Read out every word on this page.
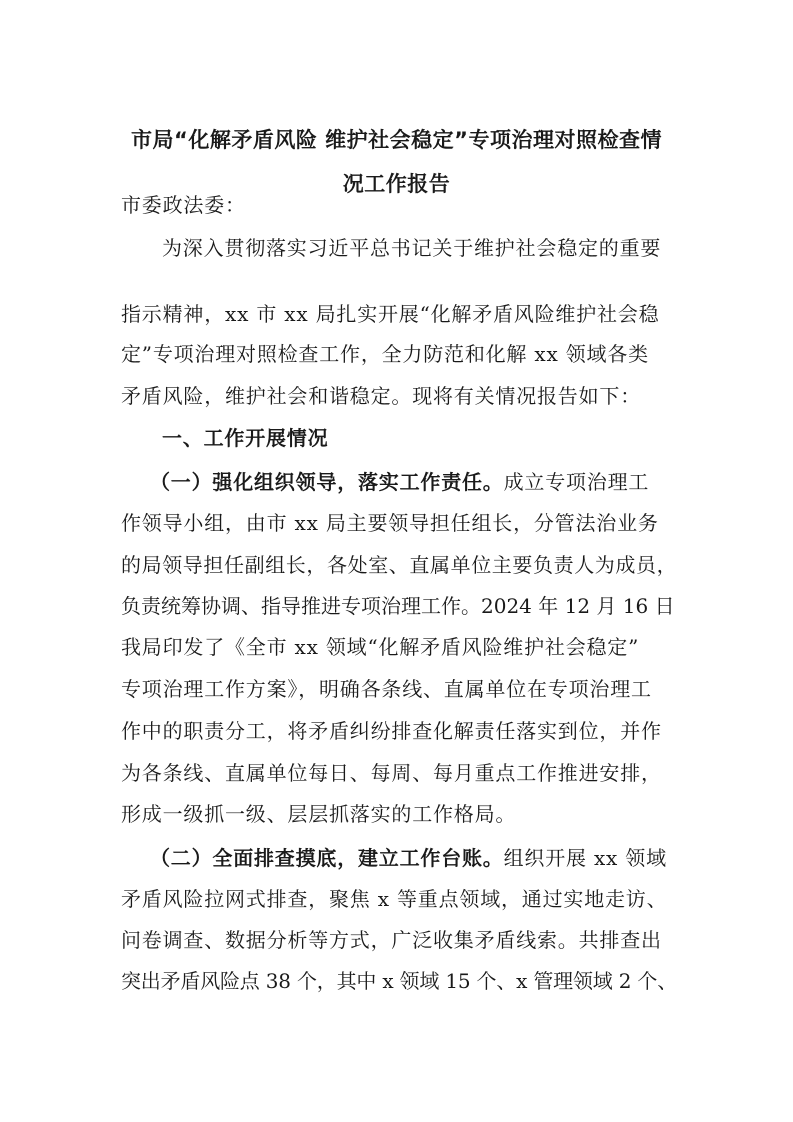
市局“化解矛盾风险 维护社会稳定”专项治理对照检查情
况工作报告
市委政法委：
为深入贯彻落实习近平总书记关于维护社会稳定的重要
指示精神，xx 市 xx 局扎实开展“化解矛盾风险维护社会稳
定”专项治理对照检查工作，全力防范和化解 xx 领域各类
矛盾风险，维护社会和谐稳定。现将有关情况报告如下：
一、工作开展情况
（一）强化组织领导，落实工作责任。成立专项治理工
作领导小组，由市 xx 局主要领导担任组长，分管法治业务
的局领导担任副组长，各处室、直属单位主要负责人为成员，
负责统筹协调、指导推进专项治理工作。2024 年 12 月 16 日
我局印发了《全市 xx 领域“化解矛盾风险维护社会稳定”
专项治理工作方案》，明确各条线、直属单位在专项治理工
作中的职责分工，将矛盾纠纷排查化解责任落实到位，并作
为各条线、直属单位每日、每周、每月重点工作推进安排，
形成一级抓一级、层层抓落实的工作格局。
（二）全面排查摸底，建立工作台账。组织开展 xx 领域
矛盾风险拉网式排查，聚焦 x 等重点领域，通过实地走访、
问卷调查、数据分析等方式，广泛收集矛盾线索。共排查出
突出矛盾风险点 38 个，其中 x 领域 15 个、x 管理领域 2 个、
